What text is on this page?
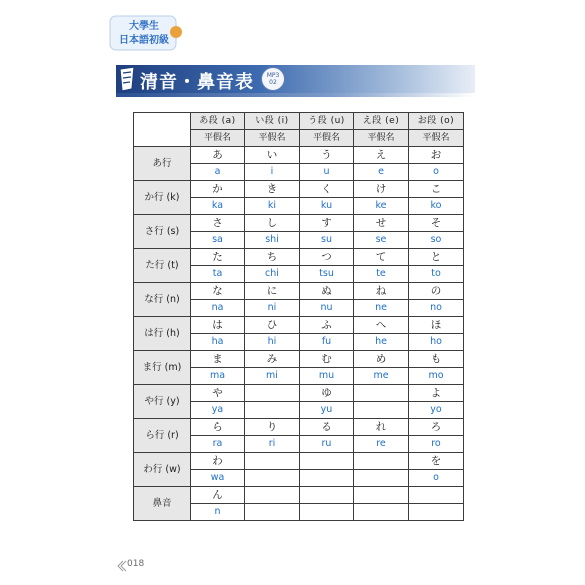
大學生
日本語初級
清音・鼻音表	MP3
02
	あ段 (a)	い段 (i)	う段 (u)	え段 (e)	お段 (o)
	平假名	平假名	平假名	平假名	平假名
あ行	あ	い	う	え	お
	a	i	u	e	o
か行 (k)	か	き	く	け	こ
	ka	ki	ku	ke	ko
さ行 (s)	さ	し	す	せ	そ
	sa	shi	su	se	so
た行 (t)	た	ち	つ	て	と
	ta	chi	tsu	te	to
な行 (n)	な	に	ぬ	ね	の
	na	ni	nu	ne	no
は行 (h)	は	ひ	ふ	へ	ほ
	ha	hi	fu	he	ho
ま行 (m)	ま	み	む	め	も
	ma	mi	mu	me	mo
や行 (y)	や		ゆ		よ
	ya		yu		yo
ら行 (r)	ら	り	る	れ	ろ
	ra	ri	ru	re	ro
わ行 (w)	わ				を
	wa				o
鼻音	ん				
	n				
018
